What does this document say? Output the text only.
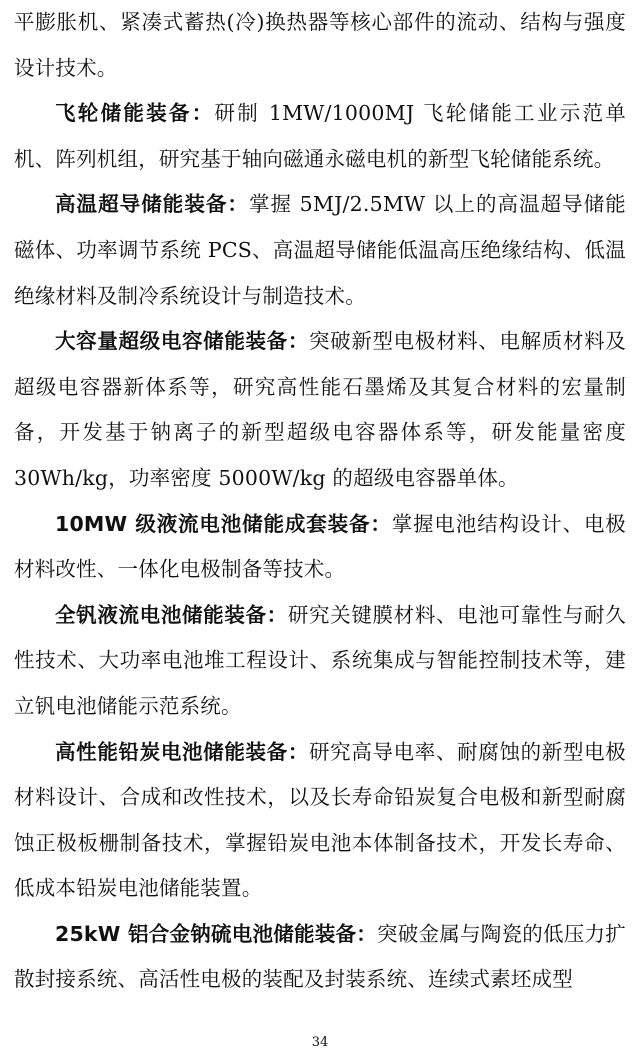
平膨胀机、紧凑式蓄热(冷)换热器等核心部件的流动、结构与强度设计技术。

飞轮储能装备：研制 1MW/1000MJ 飞轮储能工业示范单机、阵列机组，研究基于轴向磁通永磁电机的新型飞轮储能系统。

高温超导储能装备：掌握 5MJ/2.5MW 以上的高温超导储能磁体、功率调节系统 PCS、高温超导储能低温高压绝缘结构、低温绝缘材料及制冷系统设计与制造技术。

大容量超级电容储能装备：突破新型电极材料、电解质材料及超级电容器新体系等，研究高性能石墨烯及其复合材料的宏量制备，开发基于钠离子的新型超级电容器体系等，研发能量密度 30Wh/kg，功率密度 5000W/kg 的超级电容器单体。

10MW 级液流电池储能成套装备：掌握电池结构设计、电极材料改性、一体化电极制备等技术。

全钒液流电池储能装备：研究关键膜材料、电池可靠性与耐久性技术、大功率电池堆工程设计、系统集成与智能控制技术等，建立钒电池储能示范系统。

高性能铅炭电池储能装备：研究高导电率、耐腐蚀的新型电极材料设计、合成和改性技术，以及长寿命铅炭复合电极和新型耐腐蚀正极板栅制备技术，掌握铅炭电池本体制备技术，开发长寿命、低成本铅炭电池储能装置。

25kW 铝合金钠硫电池储能装备：突破金属与陶瓷的低压力扩散封接系统、高活性电极的装配及封装系统、连续式素坯成型

34
